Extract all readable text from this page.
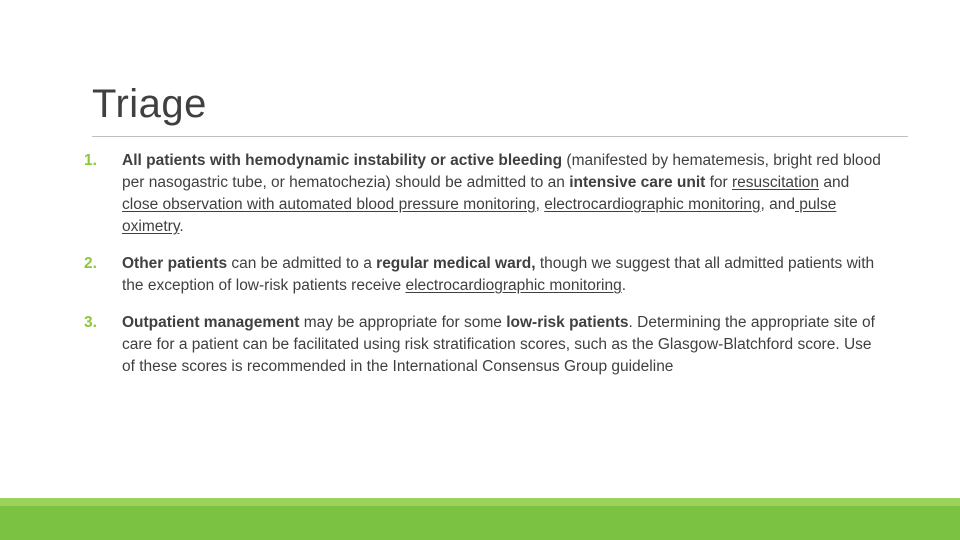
Triage
1. All patients with hemodynamic instability or active bleeding (manifested by hematemesis, bright red blood per nasogastric tube, or hematochezia) should be admitted to an intensive care unit for resuscitation and close observation with automated blood pressure monitoring, electrocardiographic monitoring, and pulse oximetry.
2. Other patients can be admitted to a regular medical ward, though we suggest that all admitted patients with the exception of low-risk patients receive electrocardiographic monitoring.
3. Outpatient management may be appropriate for some low-risk patients. Determining the appropriate site of care for a patient can be facilitated using risk stratification scores, such as the Glasgow-Blatchford score. Use of these scores is recommended in the International Consensus Group guideline
